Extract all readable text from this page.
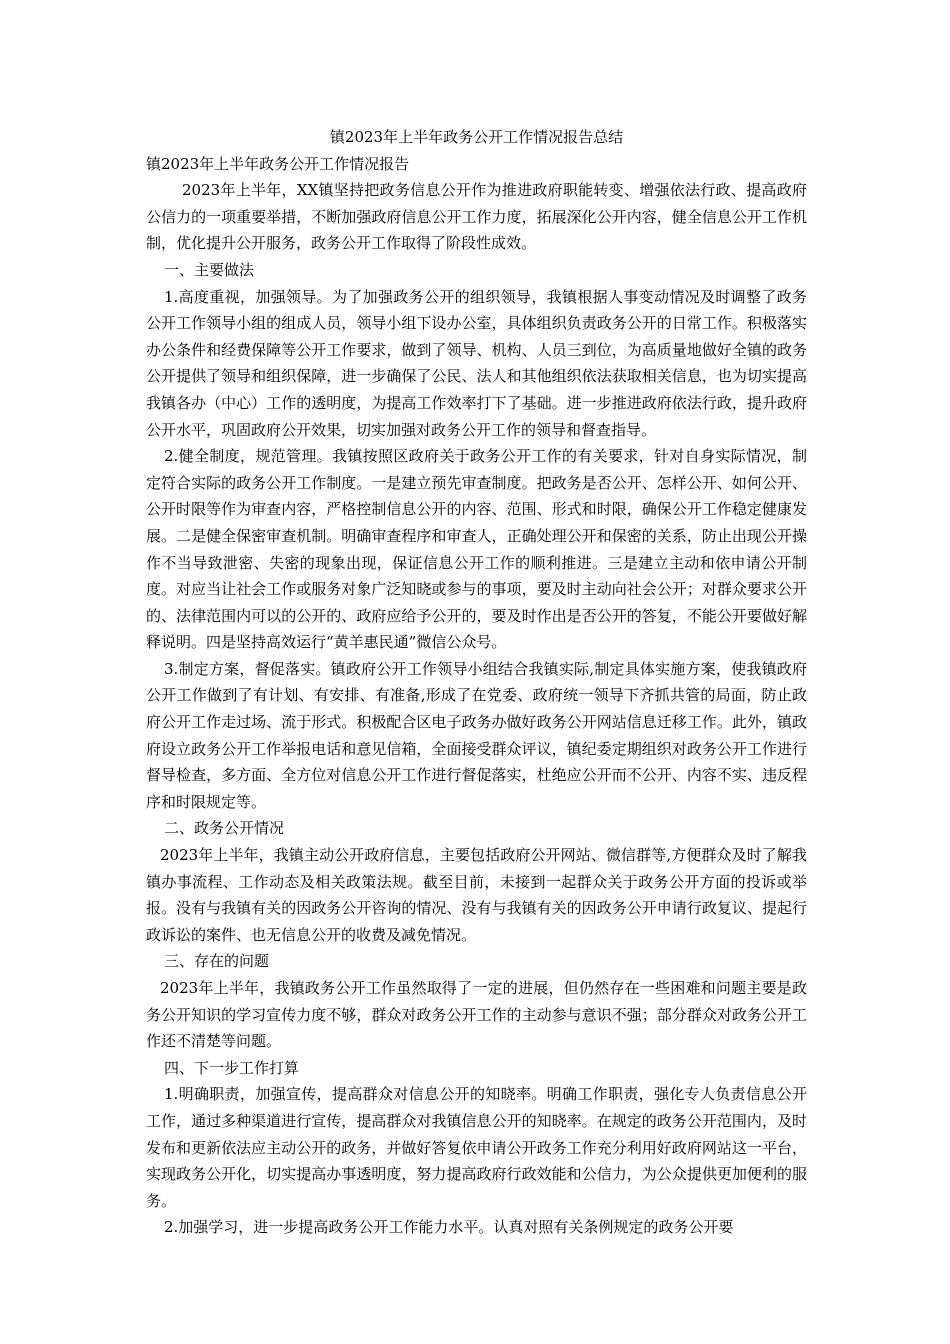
镇2023年上半年政务公开工作情况报告总结

镇2023年上半年政务公开工作情况报告

2023年上半年，XX镇坚持把政务信息公开作为推进政府职能转变、增强依法行政、提高政府公信力的一项重要举措，不断加强政府信息公开工作力度，拓展深化公开内容，健全信息公开工作机制，优化提升公开服务，政务公开工作取得了阶段性成效。

一、主要做法

1.高度重视，加强领导。为了加强政务公开的组织领导，我镇根据人事变动情况及时调整了政务公开工作领导小组的组成人员，领导小组下设办公室，具体组织负责政务公开的日常工作。积极落实办公条件和经费保障等公开工作要求，做到了领导、机构、人员三到位，为高质量地做好全镇的政务公开提供了领导和组织保障，进一步确保了公民、法人和其他组织依法获取相关信息，也为切实提高我镇各办（中心）工作的透明度，为提高工作效率打下了基础。进一步推进政府依法行政，提升政府公开水平，巩固政府公开效果，切实加强对政务公开工作的领导和督查指导。

2.健全制度，规范管理。我镇按照区政府关于政务公开工作的有关要求，针对自身实际情况，制定符合实际的政务公开工作制度。一是建立预先审查制度。把政务是否公开、怎样公开、如何公开、公开时限等作为审查内容，严格控制信息公开的内容、范围、形式和时限，确保公开工作稳定健康发展。二是健全保密审查机制。明确审查程序和审查人，正确处理公开和保密的关系，防止出现公开操作不当导致泄密、失密的现象出现，保证信息公开工作的顺利推进。三是建立主动和依申请公开制度。对应当让社会工作或服务对象广泛知晓或参与的事项，要及时主动向社会公开；对群众要求公开的、法律范围内可以的公开的、政府应给予公开的，要及时作出是否公开的答复，不能公开要做好解释说明。四是坚持高效运行“黄羊惠民通”微信公众号。

3.制定方案，督促落实。镇政府公开工作领导小组结合我镇实际,制定具体实施方案，使我镇政府公开工作做到了有计划、有安排、有准备,形成了在党委、政府统一领导下齐抓共管的局面，防止政府公开工作走过场、流于形式。积极配合区电子政务办做好政务公开网站信息迁移工作。此外，镇政府设立政务公开工作举报电话和意见信箱，全面接受群众评议，镇纪委定期组织对政务公开工作进行督导检查，多方面、全方位对信息公开工作进行督促落实，杜绝应公开而不公开、内容不实、违反程序和时限规定等。

二、政务公开情况

2023年上半年，我镇主动公开政府信息，主要包括政府公开网站、微信群等,方便群众及时了解我镇办事流程、工作动态及相关政策法规。截至目前，未接到一起群众关于政务公开方面的投诉或举报。没有与我镇有关的因政务公开咨询的情况、没有与我镇有关的因政务公开申请行政复议、提起行政诉讼的案件、也无信息公开的收费及减免情况。

三、存在的问题

2023年上半年，我镇政务公开工作虽然取得了一定的进展，但仍然存在一些困难和问题主要是政务公开知识的学习宣传力度不够，群众对政务公开工作的主动参与意识不强；部分群众对政务公开工作还不清楚等问题。

四、下一步工作打算

1.明确职责，加强宣传，提高群众对信息公开的知晓率。明确工作职责，强化专人负责信息公开工作，通过多种渠道进行宣传，提高群众对我镇信息公开的知晓率。在规定的政务公开范围内，及时发布和更新依法应主动公开的政务，并做好答复依申请公开政务工作充分利用好政府网站这一平台，实现政务公开化，切实提高办事透明度，努力提高政府行政效能和公信力，为公众提供更加便利的服务。

2.加强学习，进一步提高政务公开工作能力水平。认真对照有关条例规定的政务公开要
